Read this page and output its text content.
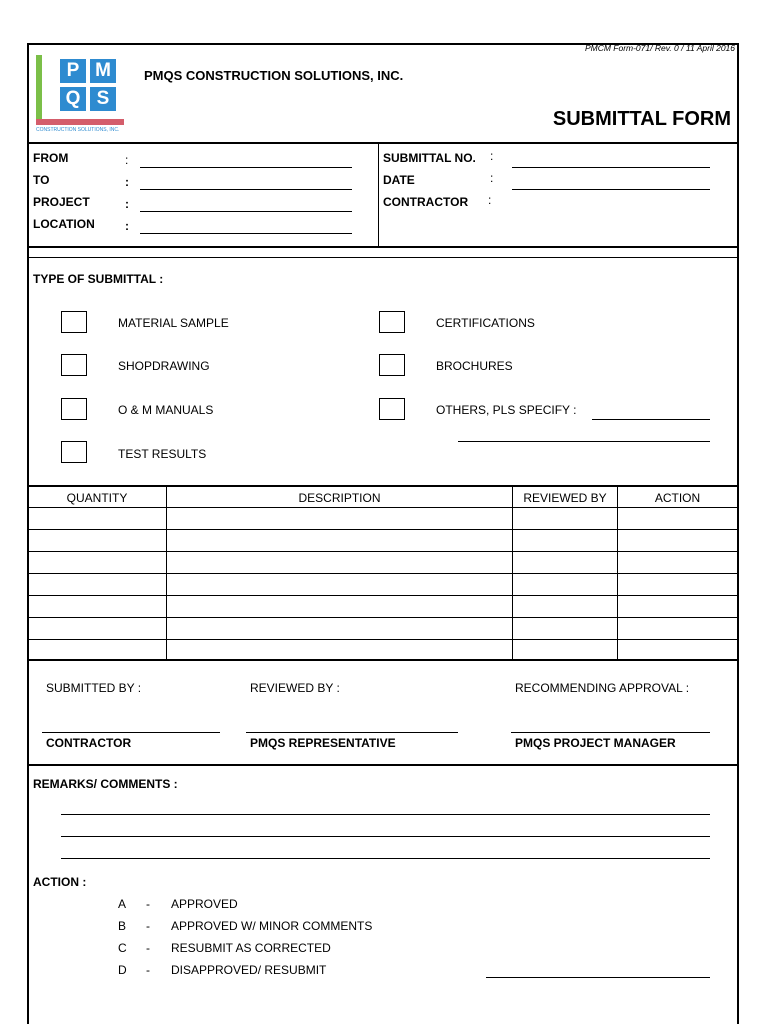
PMCM Form-071/ Rev. 0 / 11 April 2016
P M
Q S
CONSTRUCTION SOLUTIONS, INC.
PMQS CONSTRUCTION SOLUTIONS, INC.
SUBMITTAL FORM
FROM	:
TO	:
PROJECT	:
LOCATION	:
SUBMITTAL NO. :
DATE	:
CONTRACTOR :
TYPE OF SUBMITTAL :
MATERIAL SAMPLE
SHOPDRAWING
O & M MANUALS
TEST RESULTS
CERTIFICATIONS
BROCHURES
OTHERS, PLS SPECIFY :
QUANTITY	DESCRIPTION	REVIEWED BY	ACTION
SUBMITTED BY :
CONTRACTOR
REVIEWED BY :
PMQS REPRESENTATIVE
RECOMMENDING APPROVAL :
PMQS PROJECT MANAGER
REMARKS/ COMMENTS :
ACTION :
A - APPROVED
B - APPROVED W/ MINOR COMMENTS
C - RESUBMIT AS CORRECTED
D - DISAPPROVED/ RESUBMIT
